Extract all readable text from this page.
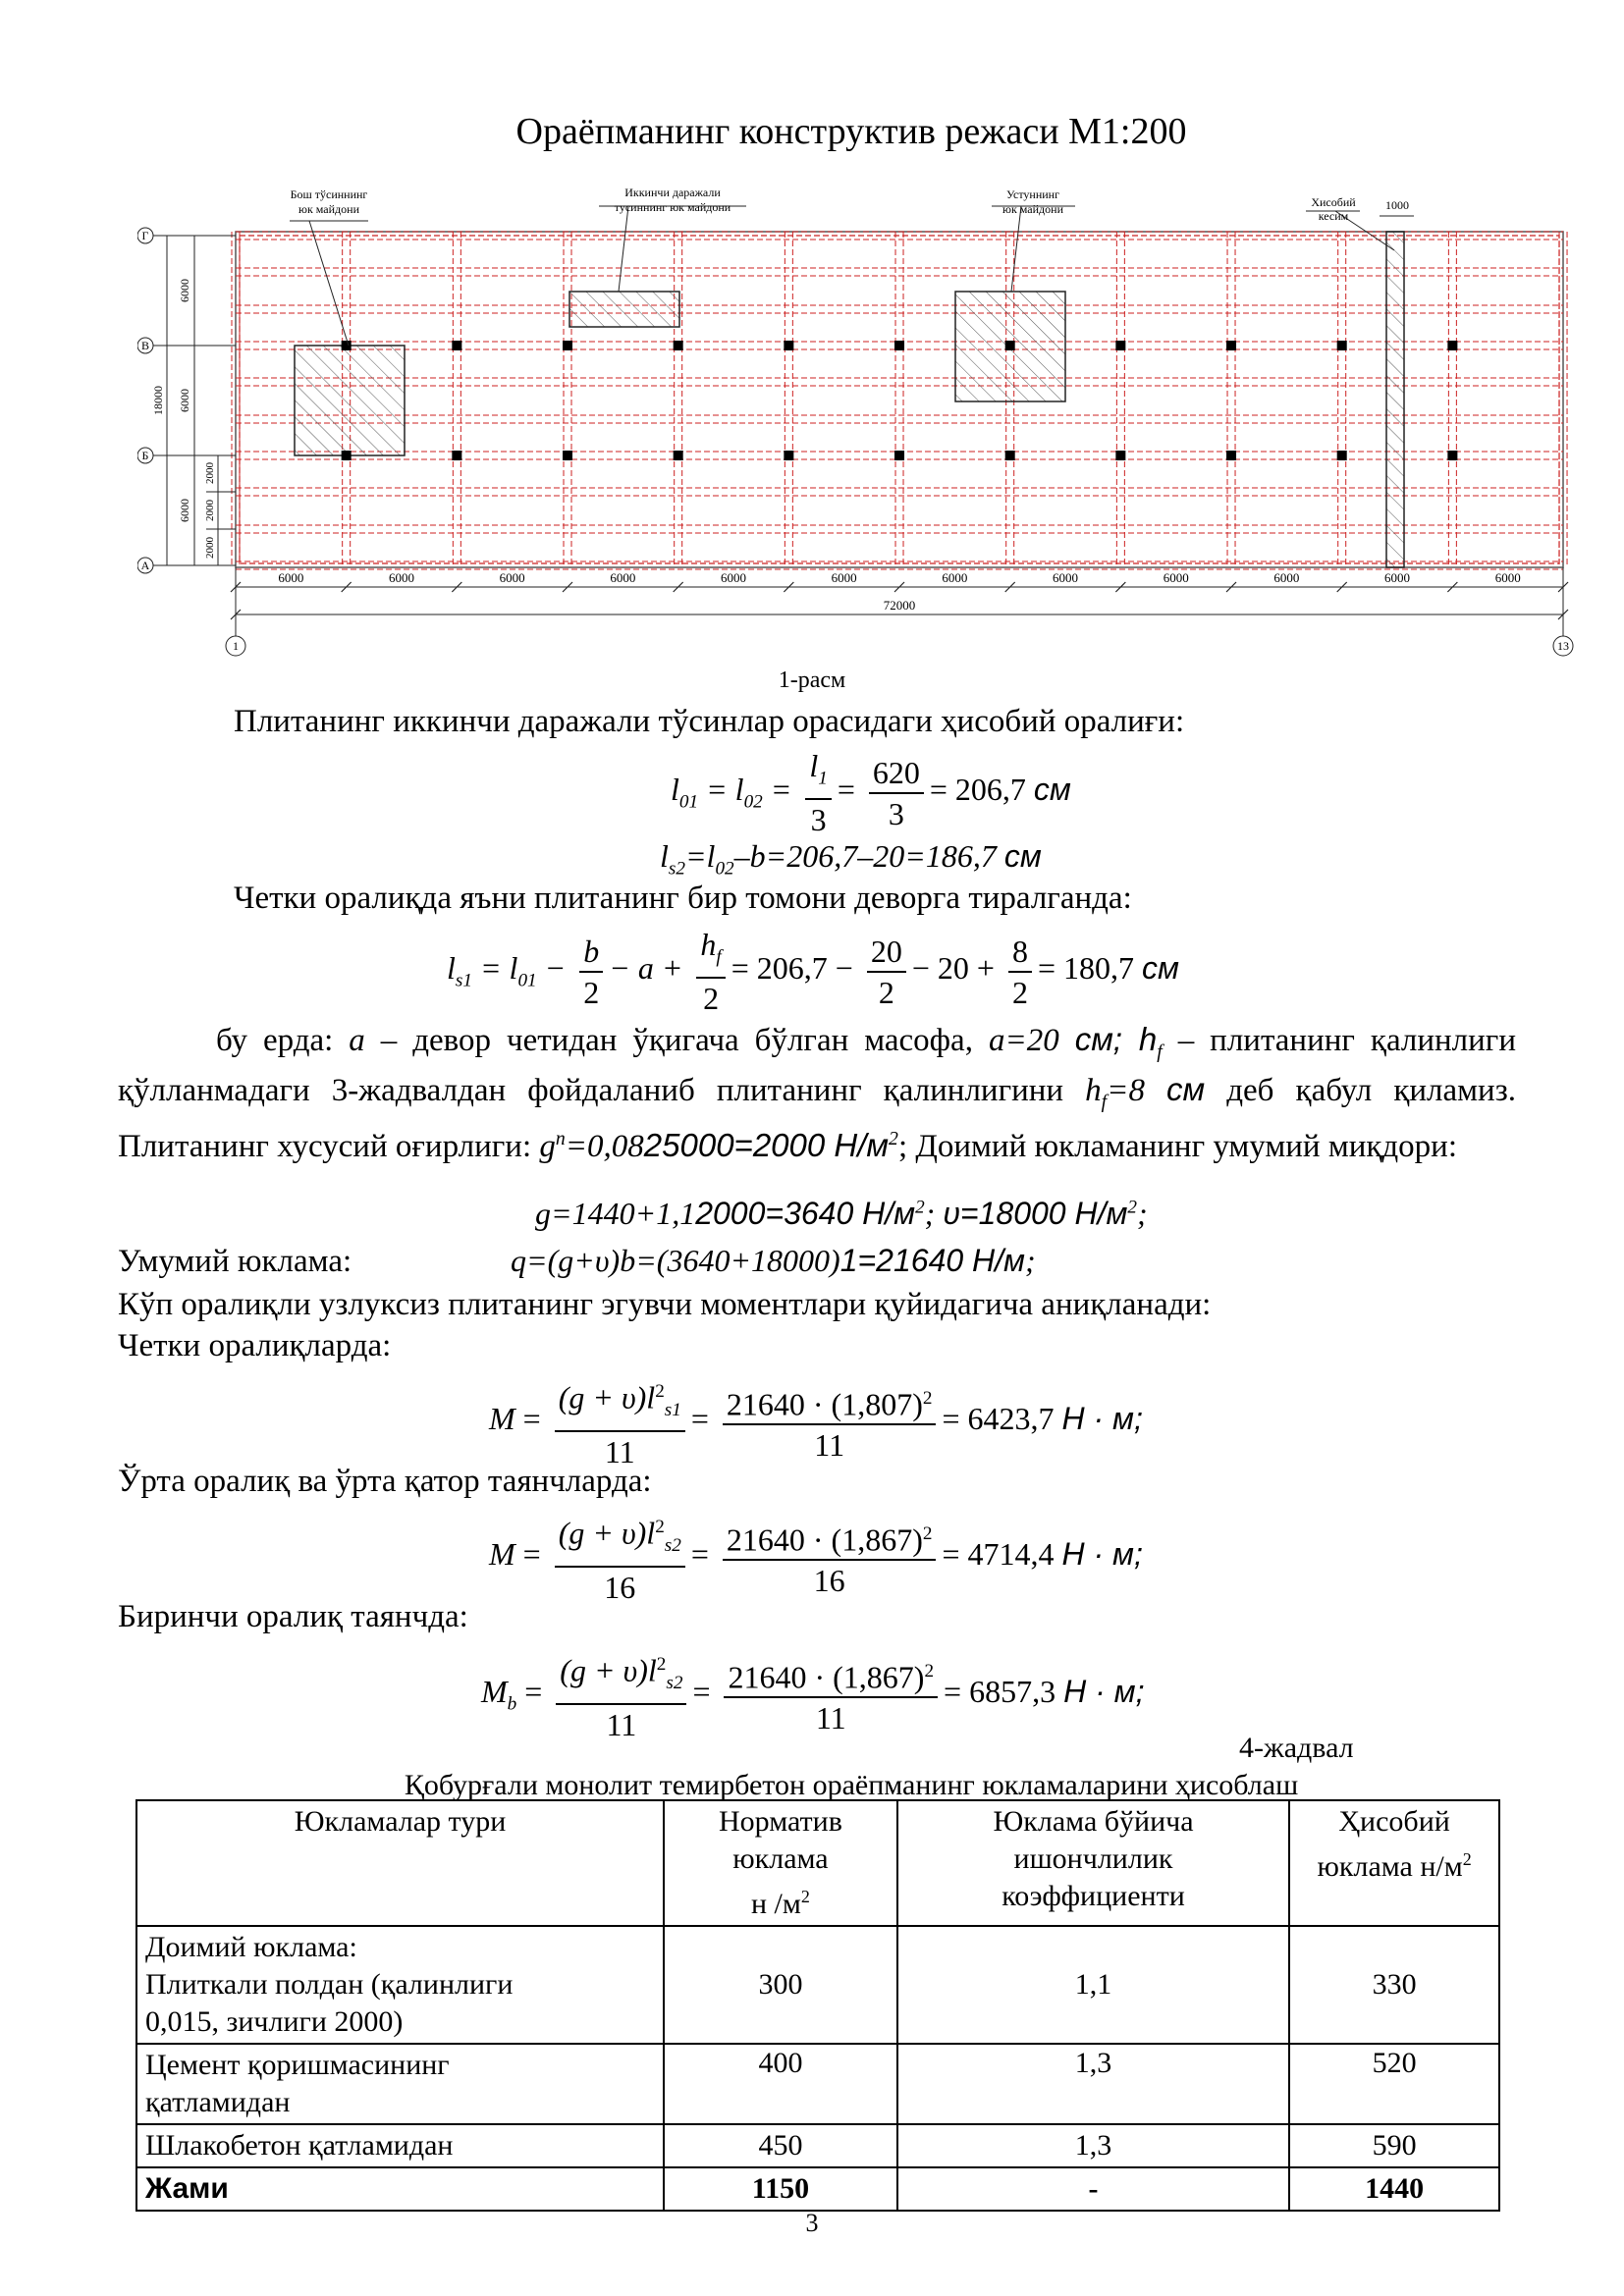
Ораёпманинг конструктив режаси М1:200
Бош тўсиннинг
юк майдони
Иккинчи даражали
тусиннинг юк майдони
Устуннинг
юк майдони	Хисобий
кесим
1000
Г
В
Б
А
6000
6000
6000
18000
2000
2000
2000
6000	6000	6000	6000	6000	6000	6000	6000	6000	6000	6000	6000
72000
1	13
1-расм
Плитанинг иккинчи даражали тўсинлар орасидаги ҳисобий оралиғи:
$l_{01} = l_{02} = \frac{l_1}{3} = \frac{620}{3} = 206,7$ см
$l_{s2}=l_{02}-b=206,7-20=186,7$ см
Четки оралиқда яъни плитанинг бир томони деворга тиралганда:
$l_{s1} = l_{01} - \frac{b}{2} - a + \frac{h_f}{2} = 206,7 - \frac{20}{2} - 20 + \frac{8}{2} = 180,7$ см
бу ерда: а – девор четидан ўқигача бўлган масофа, а=20 см; $h_f$ – плитанинг қалинлиги қўлланмадаги 3-жадвалдан фойдаланиб плитанинг қалинлигини $h_f=8$ см деб қабул қиламиз. Плитанинг хусусий оғирлиги: $g^n=0,0825000=2000$ $Н/м^2$; Доимий юкламанинг умумий миқдори:
g=1440+1,12000=3640 $Н/м^2$; υ=18000 $Н/м^2$;
Умумий юклама:	q=(g+υ)b=(3640+18000)1=21640 Н/м;
Кўп оралиқли узлуксиз плитанинг эгувчи моментлари қуйидагича аниқланади:
Четки оралиқларда:
$M = \frac{(g + \upsilon)l^2_{s1}}{11} = \frac{21640 \cdot (1,807)^2}{11} = 6423,7$ Н · м;
Ўрта оралиқ ва ўрта қатор таянчларда:
$M = \frac{(g + \upsilon)l^2_{s2}}{16} = \frac{21640 \cdot (1,867)^2}{16} = 4714,4$ Н · м;
Биринчи оралиқ таянчда:
$M_b = \frac{(g + \upsilon)l^2_{s2}}{11} = \frac{21640 \cdot (1,867)^2}{11} = 6857,3$ Н · м;
4-жадвал
Қобурғали монолит темирбетон ораёпманинг юкламаларини ҳисоблаш
Юкламалар тури	Норматив
юклама
н $/м^2$	Юклама бўйича
ишончлилик
коэффициенти	Ҳисобий
юклама $н/м^2$
Доимий юклама:
Плиткали полдан (қалинлиги
0,015, зичлиги 2000)	300	1,1	330
Цемент қоришмасининг
қатламидан	400	1,3	520
Шлакобетон қатламидан	450	1,3	590
Жами	1150	-	1440
3
